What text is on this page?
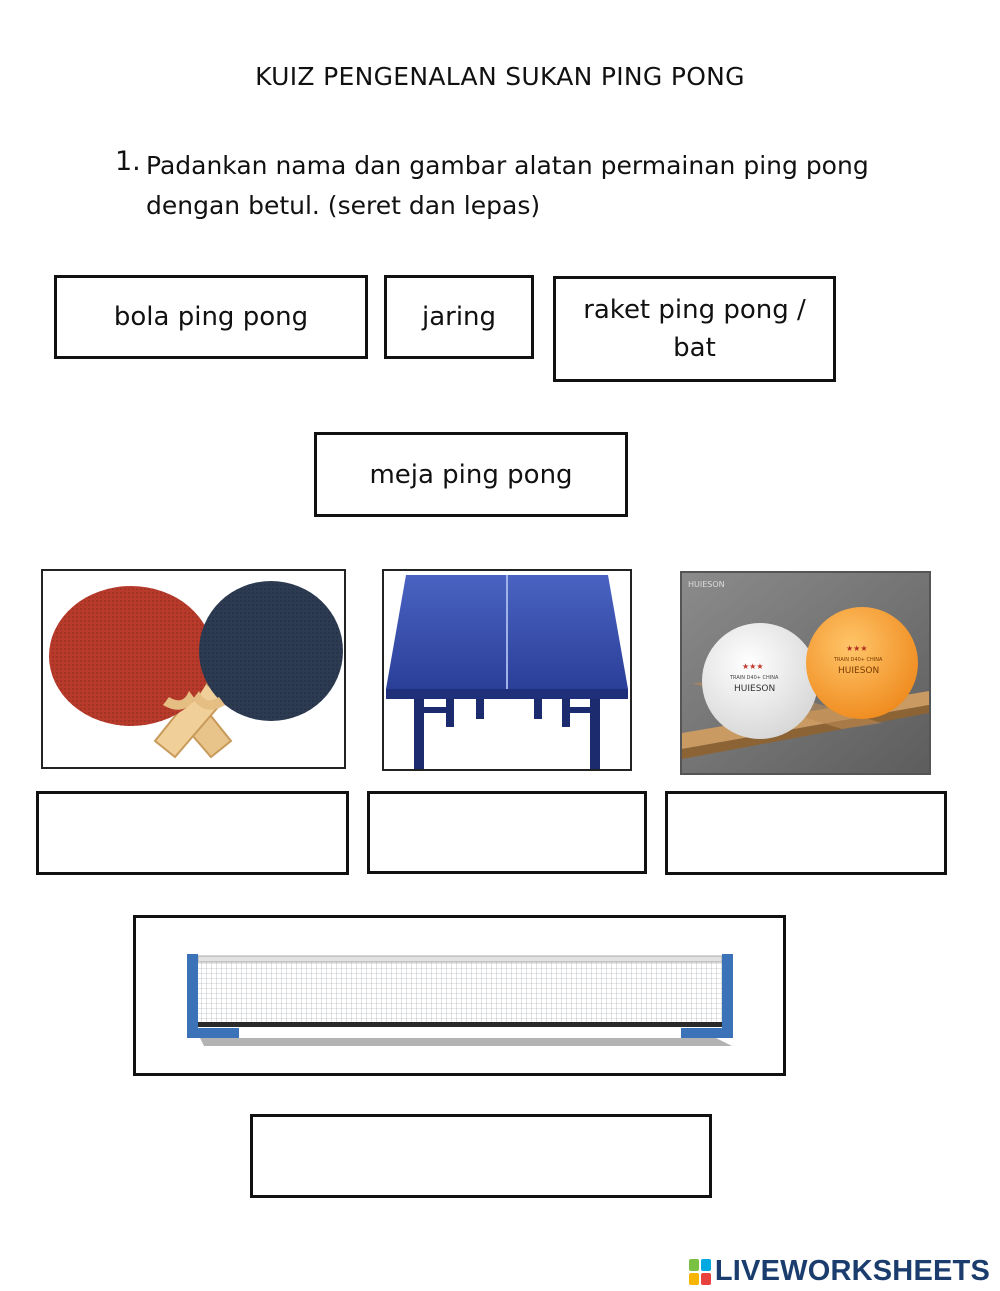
KUIZ PENGENALAN SUKAN PING PONG
1. Padankan nama dan gambar alatan permainan ping pong dengan betul. (seret dan lepas)
bola ping pong	jaring	raket ping pong / bat
meja ping pong
★★★
TRAIN D40+ CHINA
HUIESON
★★★
TRAIN D40+ CHINA
HUIESON
HUIESON
LIVEWORKSHEETS
